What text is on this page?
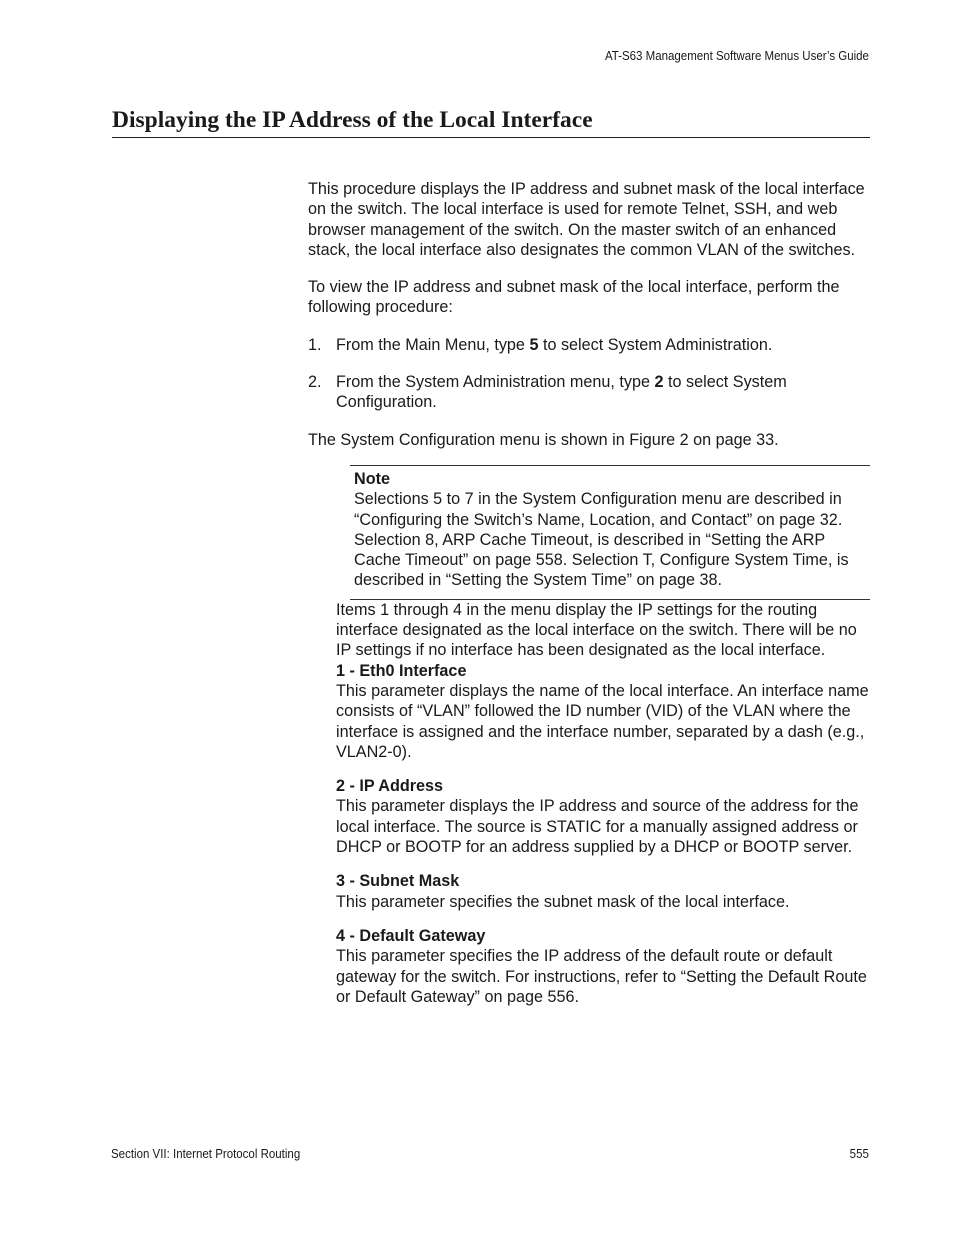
AT-S63 Management Software Menus User’s Guide
Displaying the IP Address of the Local Interface

This procedure displays the IP address and subnet mask of the local interface on the switch. The local interface is used for remote Telnet, SSH, and web browser management of the switch. On the master switch of an enhanced stack, the local interface also designates the common VLAN of the switches.

To view the IP address and subnet mask of the local interface, perform the following procedure:

1. From the Main Menu, type 5 to select System Administration.
2. From the System Administration menu, type 2 to select System Configuration.

The System Configuration menu is shown in Figure 2 on page 33.

Note
Selections 5 to 7 in the System Configuration menu are described in “Configuring the Switch’s Name, Location, and Contact” on page 32. Selection 8, ARP Cache Timeout, is described in “Setting the ARP Cache Timeout” on page 558. Selection T, Configure System Time, is described in “Setting the System Time” on page 38.

Items 1 through 4 in the menu display the IP settings for the routing interface designated as the local interface on the switch. There will be no IP settings if no interface has been designated as the local interface.

1 - Eth0 Interface
This parameter displays the name of the local interface. An interface name consists of “VLAN” followed the ID number (VID) of the VLAN where the interface is assigned and the interface number, separated by a dash (e.g., VLAN2-0).
2 - IP Address
This parameter displays the IP address and source of the address for the local interface. The source is STATIC for a manually assigned address or DHCP or BOOTP for an address supplied by a DHCP or BOOTP server.
3 - Subnet Mask
This parameter specifies the subnet mask of the local interface.
4 - Default Gateway
This parameter specifies the IP address of the default route or default gateway for the switch. For instructions, refer to “Setting the Default Route or Default Gateway” on page 556.
Section VII: Internet Protocol Routing	555
